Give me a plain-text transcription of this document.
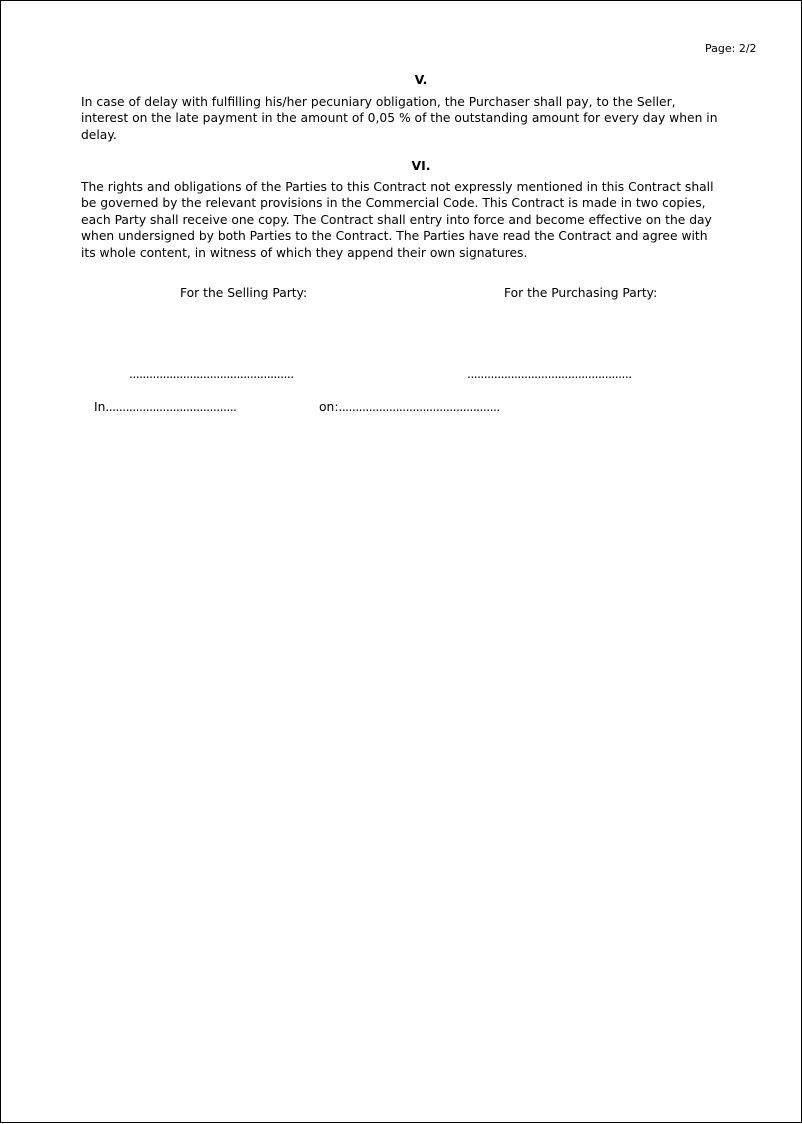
Page: 2/2
V.
In case of delay with fulfilling his/her pecuniary obligation, the Purchaser shall pay, to the Seller,
interest on the late payment in the amount of 0,05 % of the outstanding amount for every day when in
delay.
VI.
The rights and obligations of the Parties to this Contract not expressly mentioned in this Contract shall
be governed by the relevant provisions in the Commercial Code. This Contract is made in two copies,
each Party shall receive one copy. The Contract shall entry into force and become effective on the day
when undersigned by both Parties to the Contract. The Parties have read the Contract and agree with
its whole content, in witness of which they append their own signatures.
For the Selling Party:	For the Purchasing Party:
.................................................	.................................................
In.......................................	on:................................................
